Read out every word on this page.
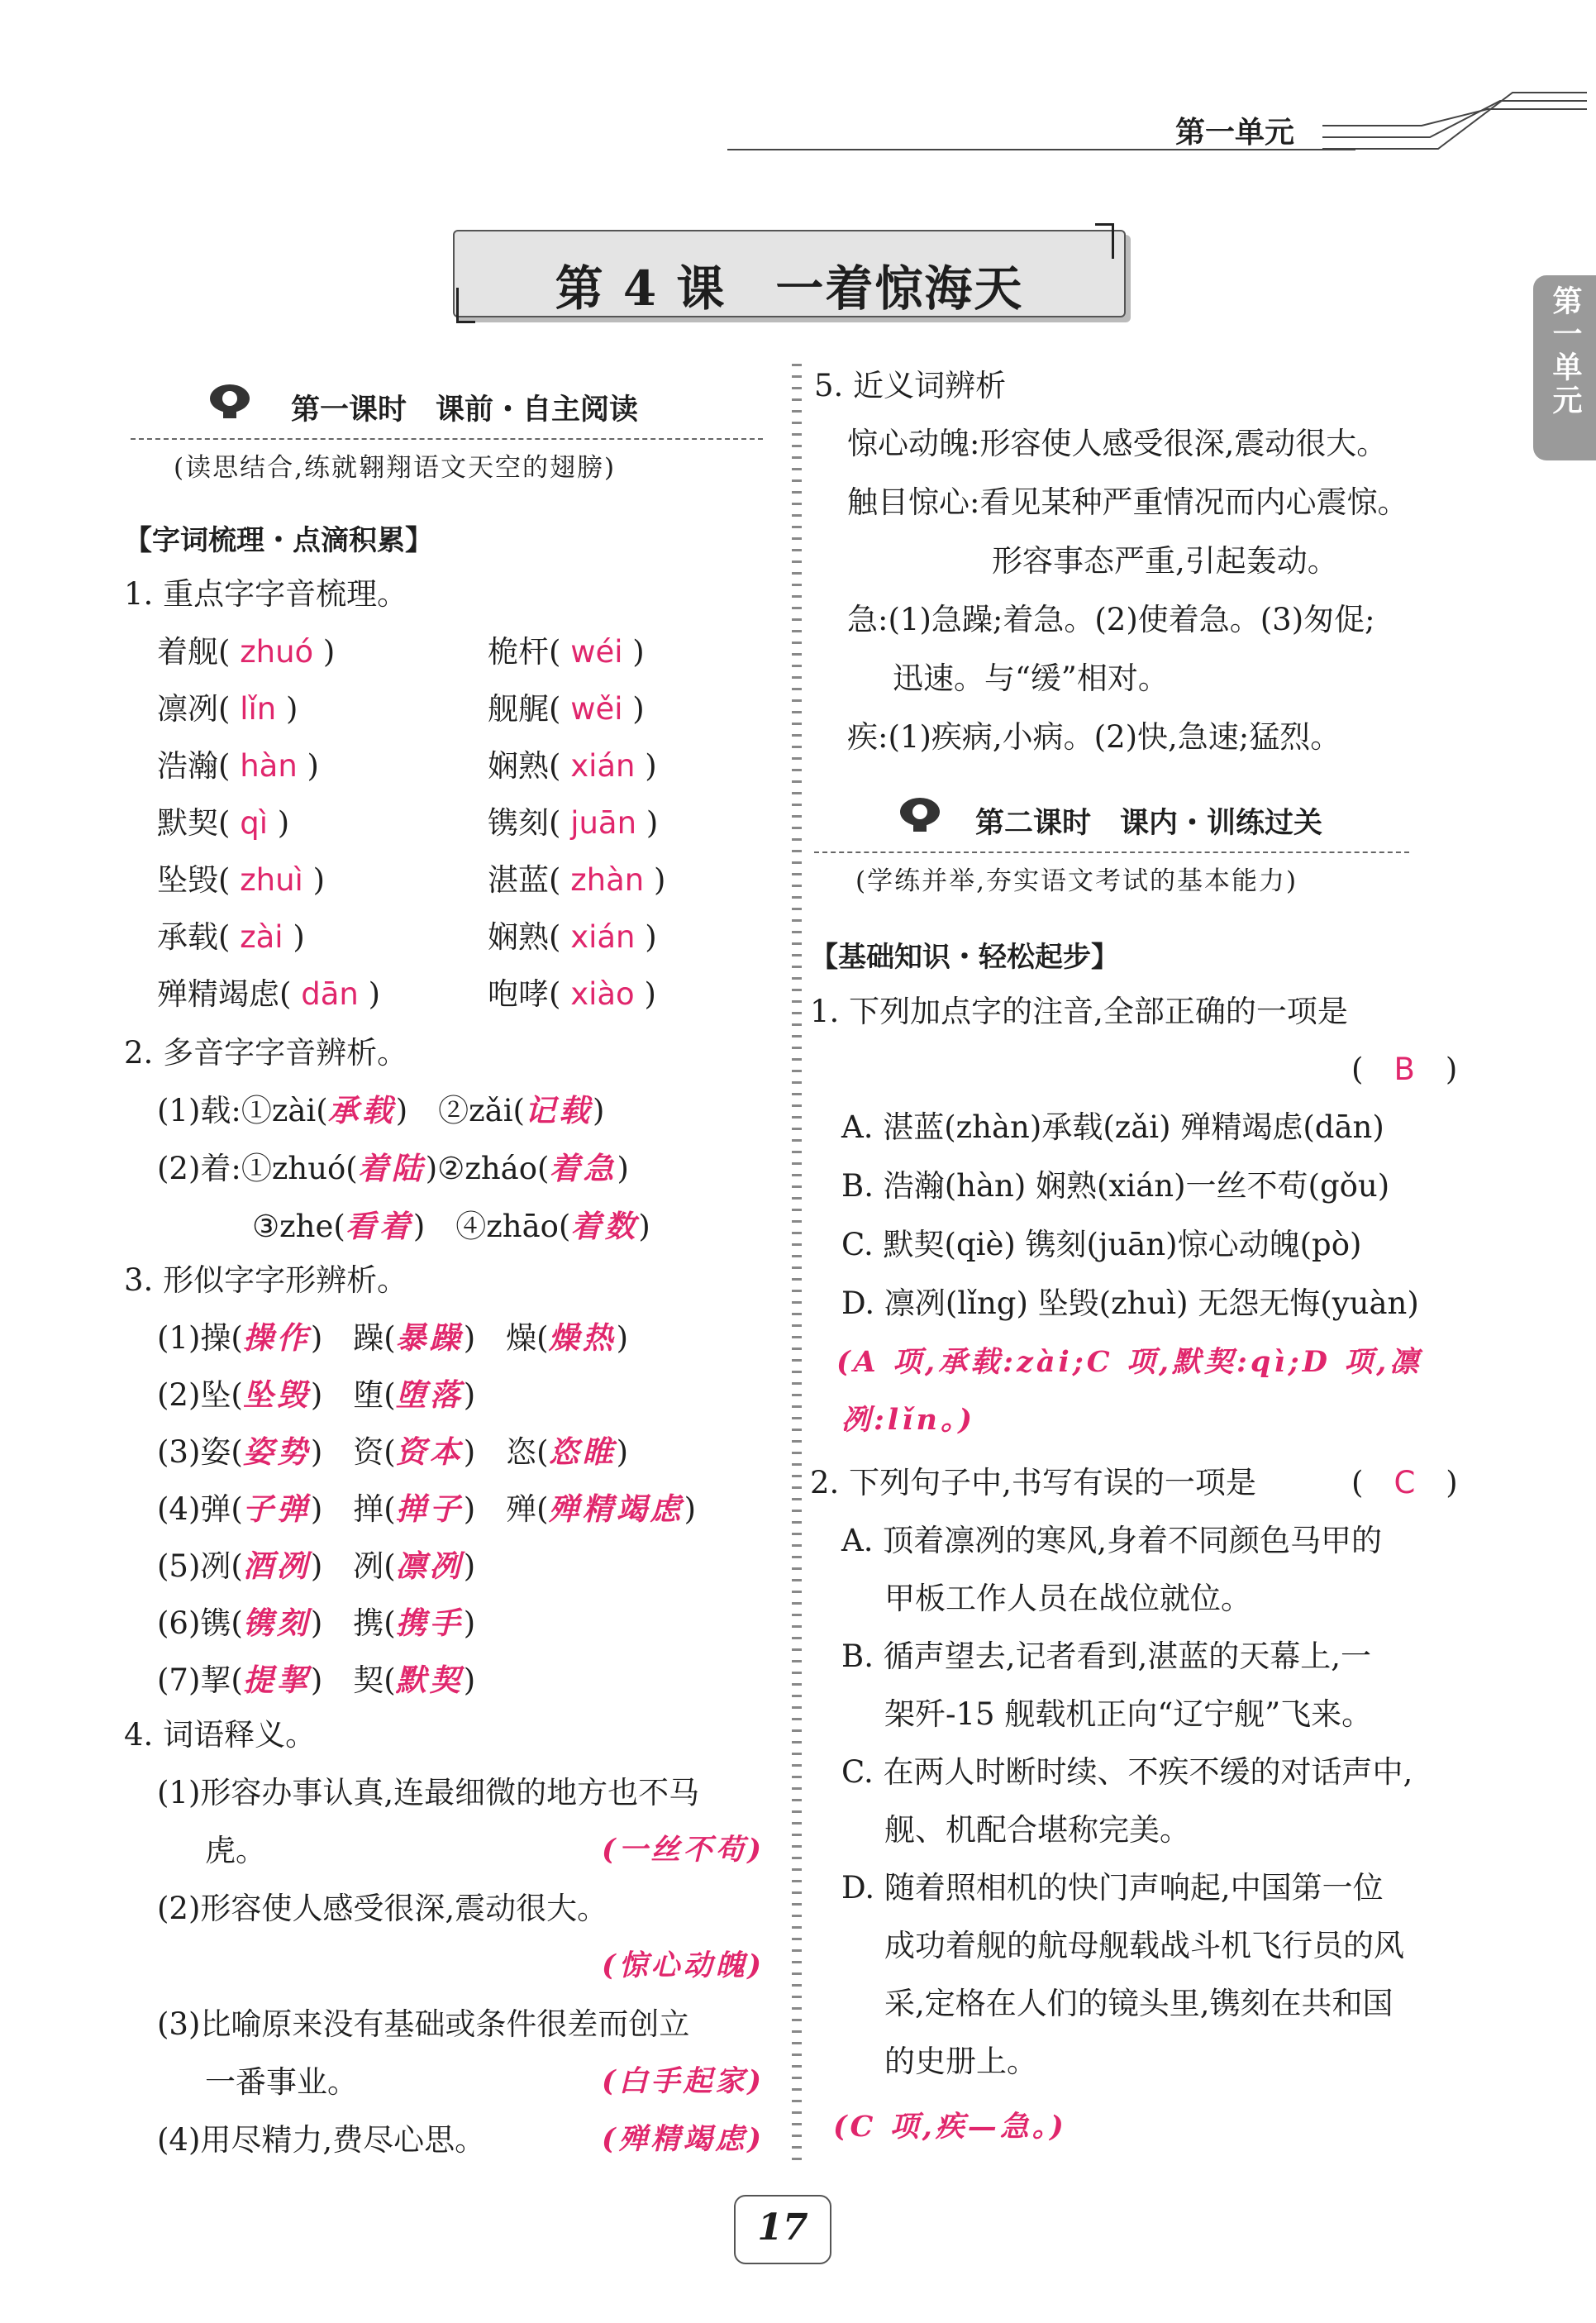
第一单元
第一单元
第 4 课　一着惊海天
第一课时　课前・自主阅读
(读思结合,练就翱翔语文天空的翅膀)
【字词梳理・点滴积累】
1. 重点字字音梳理。
着舰( zhuó )	桅杆( wéi )
凛冽( lǐn )	舰艉( wěi )
浩瀚( hàn )	娴熟( xián )
默契( qì )	镌刻( juān )
坠毁( zhuì )	湛蓝( zhàn )
承载( zài )	娴熟( xián )
殚精竭虑( dān )	咆哮( xiào )
2. 多音字字音辨析。
(1)载:①zài(承载)　②zǎi(记载)
(2)着:①zhuó(着陆)②zháo(着急)
③zhe(看着)　④zhāo(着数)
3. 形似字字形辨析。
(1)操(操作)　躁(暴躁)　燥(燥热)
(2)坠(坠毁)　堕(堕落)
(3)姿(姿势)　资(资本)　恣(恣睢)
(4)弹(子弹)　掸(掸子)　殚(殚精竭虑)
(5)冽(酒冽)　冽(凛冽)
(6)镌(镌刻)　携(携手)
(7)挈(提挈)　契(默契)
4. 词语释义。
(1)形容办事认真,连最细微的地方也不马
虎。	(一丝不苟)
(2)形容使人感受很深,震动很大。
(惊心动魄)
(3)比喻原来没有基础或条件很差而创立
一番事业。	(白手起家)
(4)用尽精力,费尽心思。	(殚精竭虑)
5. 近义词辨析
惊心动魄:形容使人感受很深,震动很大。
触目惊心:看见某种严重情况而内心震惊。
形容事态严重,引起轰动。
急:(1)急躁;着急。(2)使着急。(3)匆促;
迅速。与“缓”相对。
疾:(1)疾病,小病。(2)快,急速;猛烈。
第二课时　课内・训练过关
(学练并举,夯实语文考试的基本能力)
【基础知识・轻松起步】
1. 下列加点字的注音,全部正确的一项是
(　B　)
A. 湛蓝(zhàn)承载(zǎi) 殚精竭虑(dān)
B. 浩瀚(hàn) 娴熟(xián)一丝不苟(gǒu)
C. 默契(qiè) 镌刻(juān)惊心动魄(pò)
D. 凛冽(lǐng) 坠毁(zhuì) 无怨无悔(yuàn)
(A 项,承载:zài;C 项,默契:qì;D 项,凛
冽:lǐn。)
2. 下列句子中,书写有误的一项是	(　C　)
A. 顶着凛冽的寒风,身着不同颜色马甲的
甲板工作人员在战位就位。
B. 循声望去,记者看到,湛蓝的天幕上,一
架歼-15 舰载机正向“辽宁舰”飞来。
C. 在两人时断时续、不疾不缓的对话声中,
舰、机配合堪称完美。
D. 随着照相机的快门声响起,中国第一位
成功着舰的航母舰载战斗机飞行员的风
采,定格在人们的镜头里,镌刻在共和国
的史册上。
(C 项,疾—急。)
17
